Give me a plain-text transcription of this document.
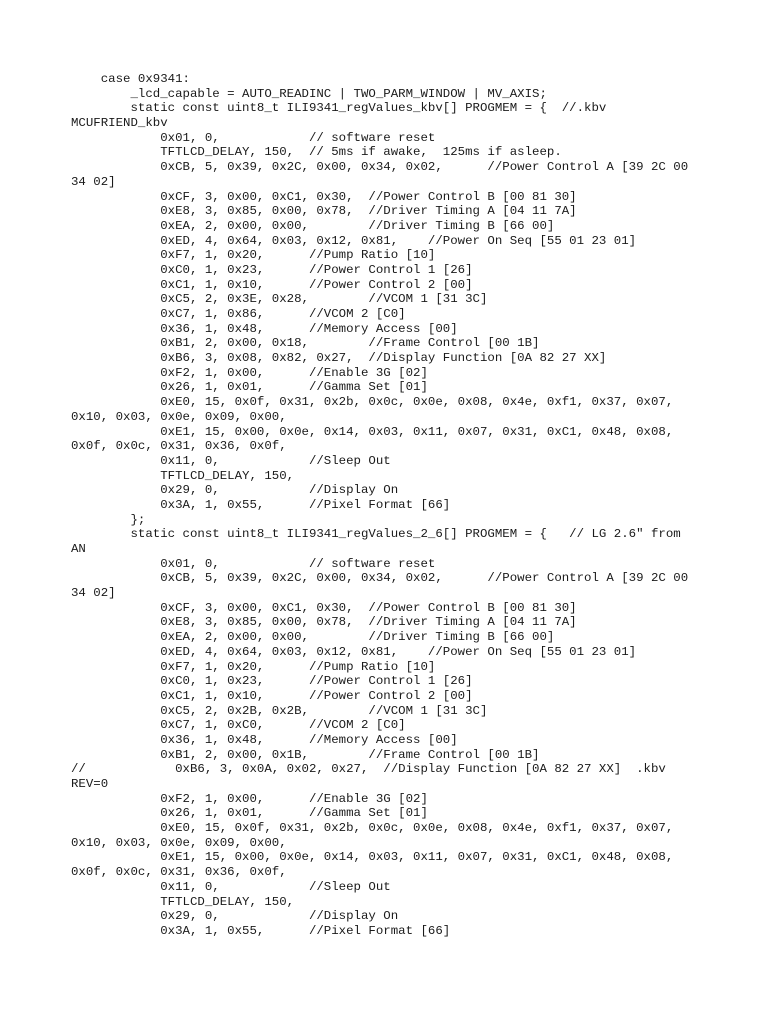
case 0x9341:
_lcd_capable = AUTO_READINC | TWO_PARM_WINDOW | MV_AXIS;
static const uint8_t ILI9341_regValues_kbv[] PROGMEM = {  //.kbv
MCUFRIEND_kbv
0x01, 0,            // software reset
TFTLCD_DELAY, 150,  // 5ms if awake,  125ms if asleep.
0xCB, 5, 0x39, 0x2C, 0x00, 0x34, 0x02,      //Power Control A [39 2C 00
34 02]
0xCF, 3, 0x00, 0xC1, 0x30,  //Power Control B [00 81 30]
0xE8, 3, 0x85, 0x00, 0x78,  //Driver Timing A [04 11 7A]
0xEA, 2, 0x00, 0x00,        //Driver Timing B [66 00]
0xED, 4, 0x64, 0x03, 0x12, 0x81,    //Power On Seq [55 01 23 01]
0xF7, 1, 0x20,      //Pump Ratio [10]
0xC0, 1, 0x23,      //Power Control 1 [26]
0xC1, 1, 0x10,      //Power Control 2 [00]
0xC5, 2, 0x3E, 0x28,        //VCOM 1 [31 3C]
0xC7, 1, 0x86,      //VCOM 2 [C0]
0x36, 1, 0x48,      //Memory Access [00]
0xB1, 2, 0x00, 0x18,        //Frame Control [00 1B]
0xB6, 3, 0x08, 0x82, 0x27,  //Display Function [0A 82 27 XX]
0xF2, 1, 0x00,      //Enable 3G [02]
0x26, 1, 0x01,      //Gamma Set [01]
0xE0, 15, 0x0f, 0x31, 0x2b, 0x0c, 0x0e, 0x08, 0x4e, 0xf1, 0x37, 0x07,
0x10, 0x03, 0x0e, 0x09, 0x00,
0xE1, 15, 0x00, 0x0e, 0x14, 0x03, 0x11, 0x07, 0x31, 0xC1, 0x48, 0x08,
0x0f, 0x0c, 0x31, 0x36, 0x0f,
0x11, 0,            //Sleep Out
TFTLCD_DELAY, 150,
0x29, 0,            //Display On
0x3A, 1, 0x55,      //Pixel Format [66]
};
static const uint8_t ILI9341_regValues_2_6[] PROGMEM = {   // LG 2.6" from
AN
0x01, 0,            // software reset
0xCB, 5, 0x39, 0x2C, 0x00, 0x34, 0x02,      //Power Control A [39 2C 00
34 02]
0xCF, 3, 0x00, 0xC1, 0x30,  //Power Control B [00 81 30]
0xE8, 3, 0x85, 0x00, 0x78,  //Driver Timing A [04 11 7A]
0xEA, 2, 0x00, 0x00,        //Driver Timing B [66 00]
0xED, 4, 0x64, 0x03, 0x12, 0x81,    //Power On Seq [55 01 23 01]
0xF7, 1, 0x20,      //Pump Ratio [10]
0xC0, 1, 0x23,      //Power Control 1 [26]
0xC1, 1, 0x10,      //Power Control 2 [00]
0xC5, 2, 0x2B, 0x2B,        //VCOM 1 [31 3C]
0xC7, 1, 0xC0,      //VCOM 2 [C0]
0x36, 1, 0x48,      //Memory Access [00]
0xB1, 2, 0x00, 0x1B,        //Frame Control [00 1B]
//            0xB6, 3, 0x0A, 0x02, 0x27,  //Display Function [0A 82 27 XX]  .kbv
REV=0
0xF2, 1, 0x00,      //Enable 3G [02]
0x26, 1, 0x01,      //Gamma Set [01]
0xE0, 15, 0x0f, 0x31, 0x2b, 0x0c, 0x0e, 0x08, 0x4e, 0xf1, 0x37, 0x07,
0x10, 0x03, 0x0e, 0x09, 0x00,
0xE1, 15, 0x00, 0x0e, 0x14, 0x03, 0x11, 0x07, 0x31, 0xC1, 0x48, 0x08,
0x0f, 0x0c, 0x31, 0x36, 0x0f,
0x11, 0,            //Sleep Out
TFTLCD_DELAY, 150,
0x29, 0,            //Display On
0x3A, 1, 0x55,      //Pixel Format [66]
